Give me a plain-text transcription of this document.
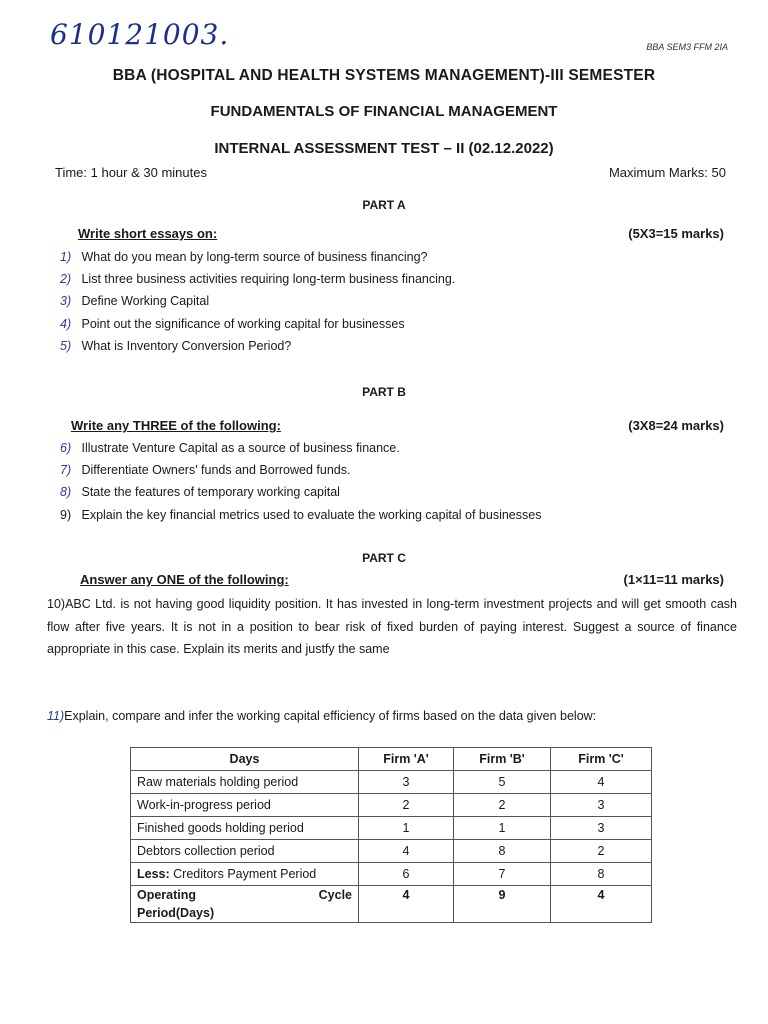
610121003.	BBA SEM3 FFM 2IA
BBA (HOSPITAL AND HEALTH SYSTEMS MANAGEMENT)-III SEMESTER
FUNDAMENTALS OF FINANCIAL MANAGEMENT
INTERNAL ASSESSMENT TEST – II (02.12.2022)
Time: 1 hour & 30 minutes	Maximum Marks: 50
PART A
Write short essays on:	(5X3=15 marks)
1) What do you mean by long-term source of business financing?
2) List three business activities requiring long-term business financing.
3) Define Working Capital
4) Point out the significance of working capital for businesses
5) What is Inventory Conversion Period?
PART B
Write any THREE of the following:	(3X8=24 marks)
6) Illustrate Venture Capital as a source of business finance.
7) Differentiate Owners' funds and Borrowed funds.
8) State the features of temporary working capital
9) Explain the key financial metrics used to evaluate the working capital of businesses
PART C
Answer any ONE of the following:	(1×11=11 marks)
10)ABC Ltd. is not having good liquidity position. It has invested in long-term investment projects and will get smooth cash flow after five years. It is not in a position to bear risk of fixed burden of paying interest. Suggest a source of finance appropriate in this case. Explain its merits and justfy the same
11)Explain, compare and infer the working capital efficiency of firms based on the data given below:
Days	Firm 'A'	Firm 'B'	Firm 'C'
Raw materials holding period	3	5	4
Work-in-progress period	2	2	3
Finished goods holding period	1	1	3
Debtors collection period	4	8	2
Less: Creditors Payment Period	6	7	8

Operating Cycle
Period(Days)	4	9	4
